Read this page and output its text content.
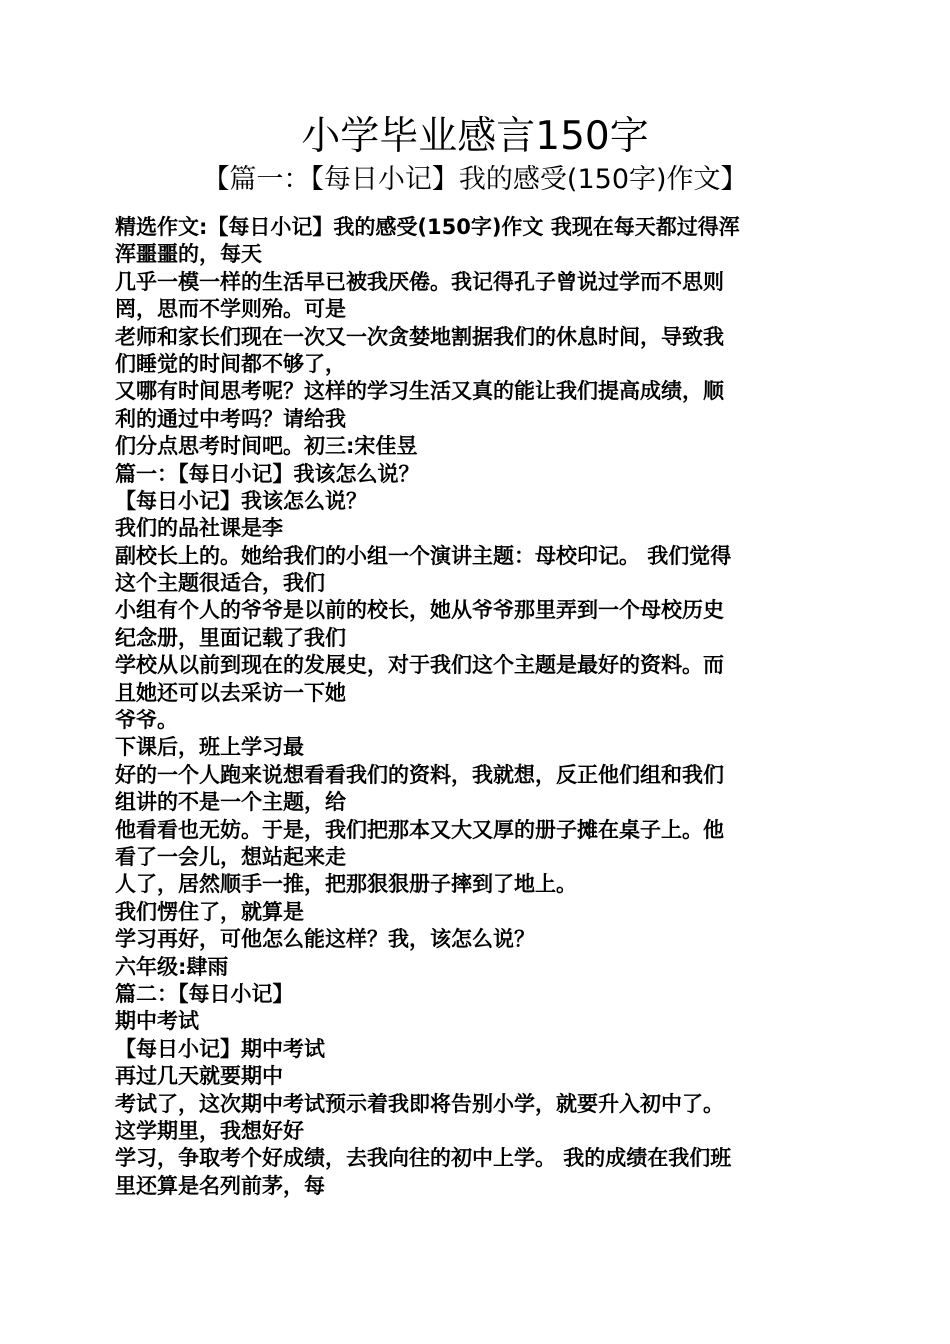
小学毕业感言150字
【篇一：【每日小记】我的感受(150字)作文】
精选作文:【每日小记】我的感受(150字)作文 我现在每天都过得浑
浑噩噩的，每天
几乎一模一样的生活早已被我厌倦。我记得孔子曾说过学而不思则
罔，思而不学则殆。可是
老师和家长们现在一次又一次贪婪地割据我们的休息时间，导致我
们睡觉的时间都不够了，
又哪有时间思考呢？这样的学习生活又真的能让我们提高成绩，顺
利的通过中考吗？请给我
们分点思考时间吧。初三:宋佳昱
篇一：【每日小记】我该怎么说？
【每日小记】我该怎么说？
我们的品社课是李
副校长上的。她给我们的小组一个演讲主题：母校印记。 我们觉得
这个主题很适合，我们
小组有个人的爷爷是以前的校长，她从爷爷那里弄到一个母校历史
纪念册，里面记载了我们
学校从以前到现在的发展史，对于我们这个主题是最好的资料。而
且她还可以去采访一下她
爷爷。
下课后，班上学习最
好的一个人跑来说想看看我们的资料，我就想，反正他们组和我们
组讲的不是一个主题，给
他看看也无妨。于是，我们把那本又大又厚的册子摊在桌子上。他
看了一会儿，想站起来走
人了，居然顺手一推，把那狠狠册子摔到了地上。
我们愣住了，就算是
学习再好，可他怎么能这样？我，该怎么说？
六年级:肆雨
篇二：【每日小记】
期中考试
【每日小记】期中考试
再过几天就要期中
考试了，这次期中考试预示着我即将告别小学，就要升入初中了。
这学期里，我想好好
学习，争取考个好成绩，去我向往的初中上学。 我的成绩在我们班
里还算是名列前茅，每
